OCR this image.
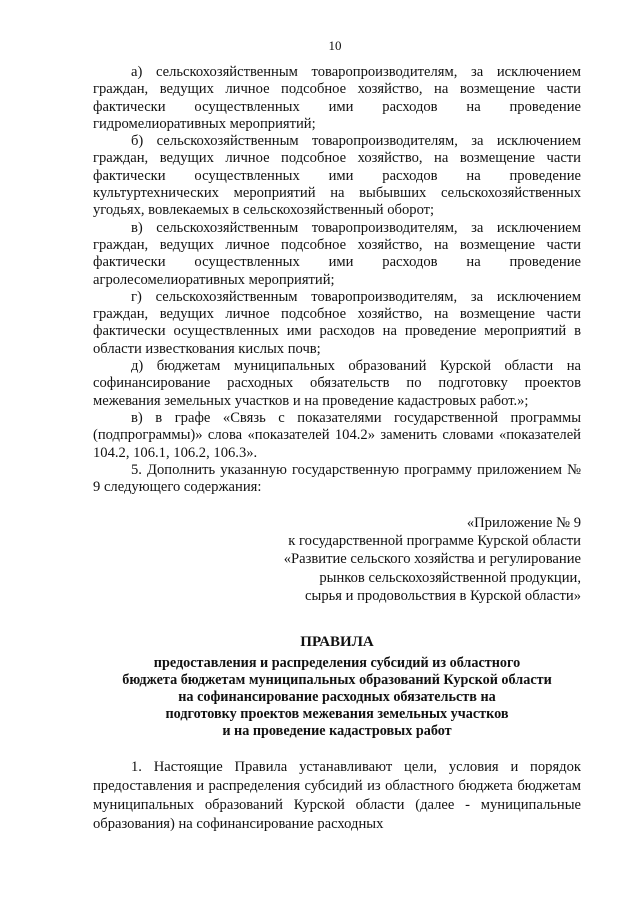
10

а) сельскохозяйственным товаропроизводителям, за исключением граждан, ведущих личное подсобное хозяйство, на возмещение части фактически осуществленных ими расходов на проведение гидромелиоративных мероприятий;

б) сельскохозяйственным товаропроизводителям, за исключением граждан, ведущих личное подсобное хозяйство, на возмещение части фактически осуществленных ими расходов на проведение культуртехнических мероприятий на выбывших сельскохозяйственных угодьях, вовлекаемых в сельскохозяйственный оборот;

в) сельскохозяйственным товаропроизводителям, за исключением граждан, ведущих личное подсобное хозяйство, на возмещение части фактически осуществленных ими расходов на проведение агролесомелиоративных мероприятий;

г) сельскохозяйственным товаропроизводителям, за исключением граждан, ведущих личное подсобное хозяйство, на возмещение части фактически осуществленных ими расходов на проведение мероприятий в области известкования кислых почв;

д) бюджетам муниципальных образований Курской области на софинансирование расходных обязательств по подготовку проектов межевания земельных участков и на проведение кадастровых работ.»;

в) в графе «Связь с показателями государственной программы (подпрограммы)» слова «показателей 104.2» заменить словами «показателей 104.2, 106.1, 106.2, 106.3».

5. Дополнить указанную государственную программу приложением № 9 следующего содержания:

«Приложение № 9
к государственной программе Курской области
«Развитие сельского хозяйства и регулирование
рынков сельскохозяйственной продукции,
сырья и продовольствия в Курской области»
ПРАВИЛА
предоставления и распределения субсидий из областного
бюджета бюджетам муниципальных образований Курской области
на софинансирование расходных обязательств на
подготовку проектов межевания земельных участков
и на проведение кадастровых работ

1. Настоящие Правила устанавливают цели, условия и порядок предоставления и распределения субсидий из областного бюджета бюджетам муниципальных образований Курской области (далее - муниципальные образования) на софинансирование расходных
